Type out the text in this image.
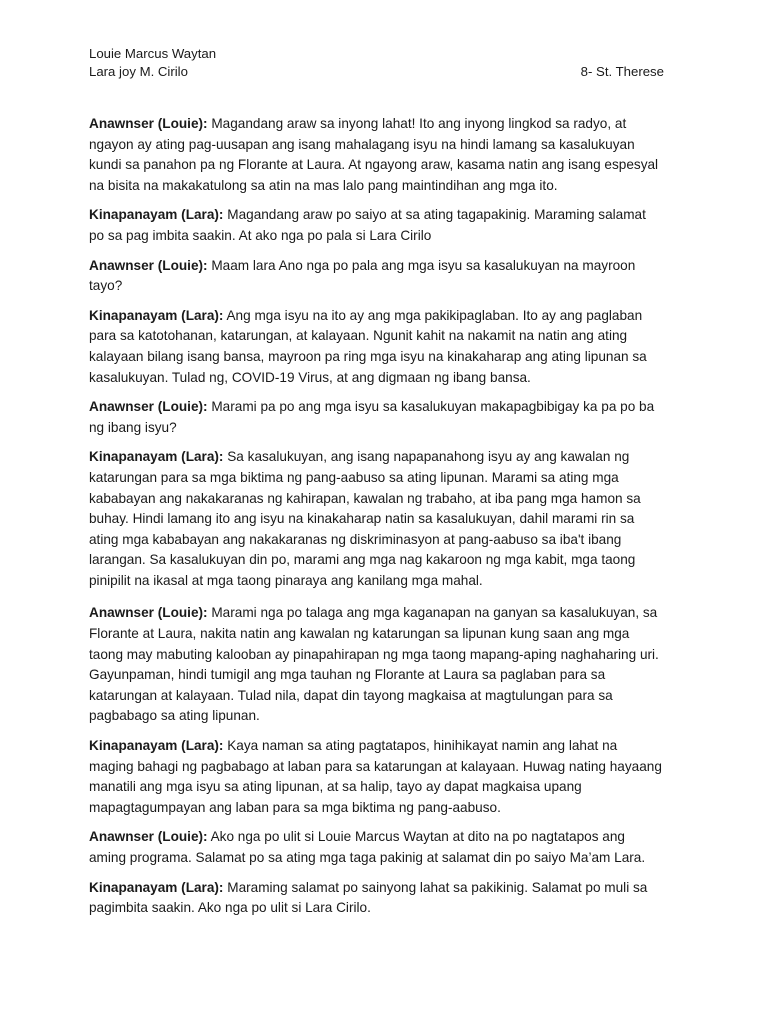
Louie Marcus Waytan
Lara joy M. Cirilo	8- St. Therese

Anawnser (Louie): Magandang araw sa inyong lahat! Ito ang inyong lingkod sa radyo, at ngayon ay ating pag-uusapan ang isang mahalagang isyu na hindi lamang sa kasalukuyan kundi sa panahon pa ng Florante at Laura. At ngayong araw, kasama natin ang isang espesyal na bisita na makakatulong sa atin na mas lalo pang maintindihan ang mga ito.

Kinapanayam (Lara): Magandang araw po saiyo at sa ating tagapakinig. Maraming salamat po sa pag imbita saakin. At ako nga po pala si Lara Cirilo

Anawnser (Louie): Maam lara Ano nga po pala ang mga isyu sa kasalukuyan na mayroon tayo?

Kinapanayam (Lara): Ang mga isyu na ito ay ang mga pakikipaglaban. Ito ay ang paglaban para sa katotohanan, katarungan, at kalayaan. Ngunit kahit na nakamit na natin ang ating kalayaan bilang isang bansa, mayroon pa ring mga isyu na kinakaharap ang ating lipunan sa kasalukuyan. Tulad ng, COVID-19 Virus, at ang digmaan ng ibang bansa.

Anawnser (Louie): Marami pa po ang mga isyu sa kasalukuyan makapagbibigay ka pa po ba ng ibang isyu?

Kinapanayam (Lara): Sa kasalukuyan, ang isang napapanahong isyu ay ang kawalan ng katarungan para sa mga biktima ng pang-aabuso sa ating lipunan. Marami sa ating mga kababayan ang nakakaranas ng kahirapan, kawalan ng trabaho, at iba pang mga hamon sa buhay. Hindi lamang ito ang isyu na kinakaharap natin sa kasalukuyan, dahil marami rin sa ating mga kababayan ang nakakaranas ng diskriminasyon at pang-aabuso sa iba't ibang larangan. Sa kasalukuyan din po, marami ang mga nag kakaroon ng mga kabit, mga taong pinipilit na ikasal at mga taong pinaraya ang kanilang mga mahal.

Anawnser (Louie): Marami nga po talaga ang mga kaganapan na ganyan sa kasalukuyan, sa Florante at Laura, nakita natin ang kawalan ng katarungan sa lipunan kung saan ang mga taong may mabuting kalooban ay pinapahirapan ng mga taong mapang-aping naghaharing uri. Gayunpaman, hindi tumigil ang mga tauhan ng Florante at Laura sa paglaban para sa katarungan at kalayaan. Tulad nila, dapat din tayong magkaisa at magtulungan para sa pagbabago sa ating lipunan.

Kinapanayam (Lara): Kaya naman sa ating pagtatapos, hinihikayat namin ang lahat na maging bahagi ng pagbabago at laban para sa katarungan at kalayaan. Huwag nating hayaang manatili ang mga isyu sa ating lipunan, at sa halip, tayo ay dapat magkaisa upang mapagtagumpayan ang laban para sa mga biktima ng pang-aabuso.

Anawnser (Louie): Ako nga po ulit si Louie Marcus Waytan at dito na po nagtatapos ang aming programa. Salamat po sa ating mga taga pakinig at salamat din po saiyo Ma’am Lara.

Kinapanayam (Lara): Maraming salamat po sainyong lahat sa pakikinig. Salamat po muli sa pagimbita saakin. Ako nga po ulit si Lara Cirilo.
